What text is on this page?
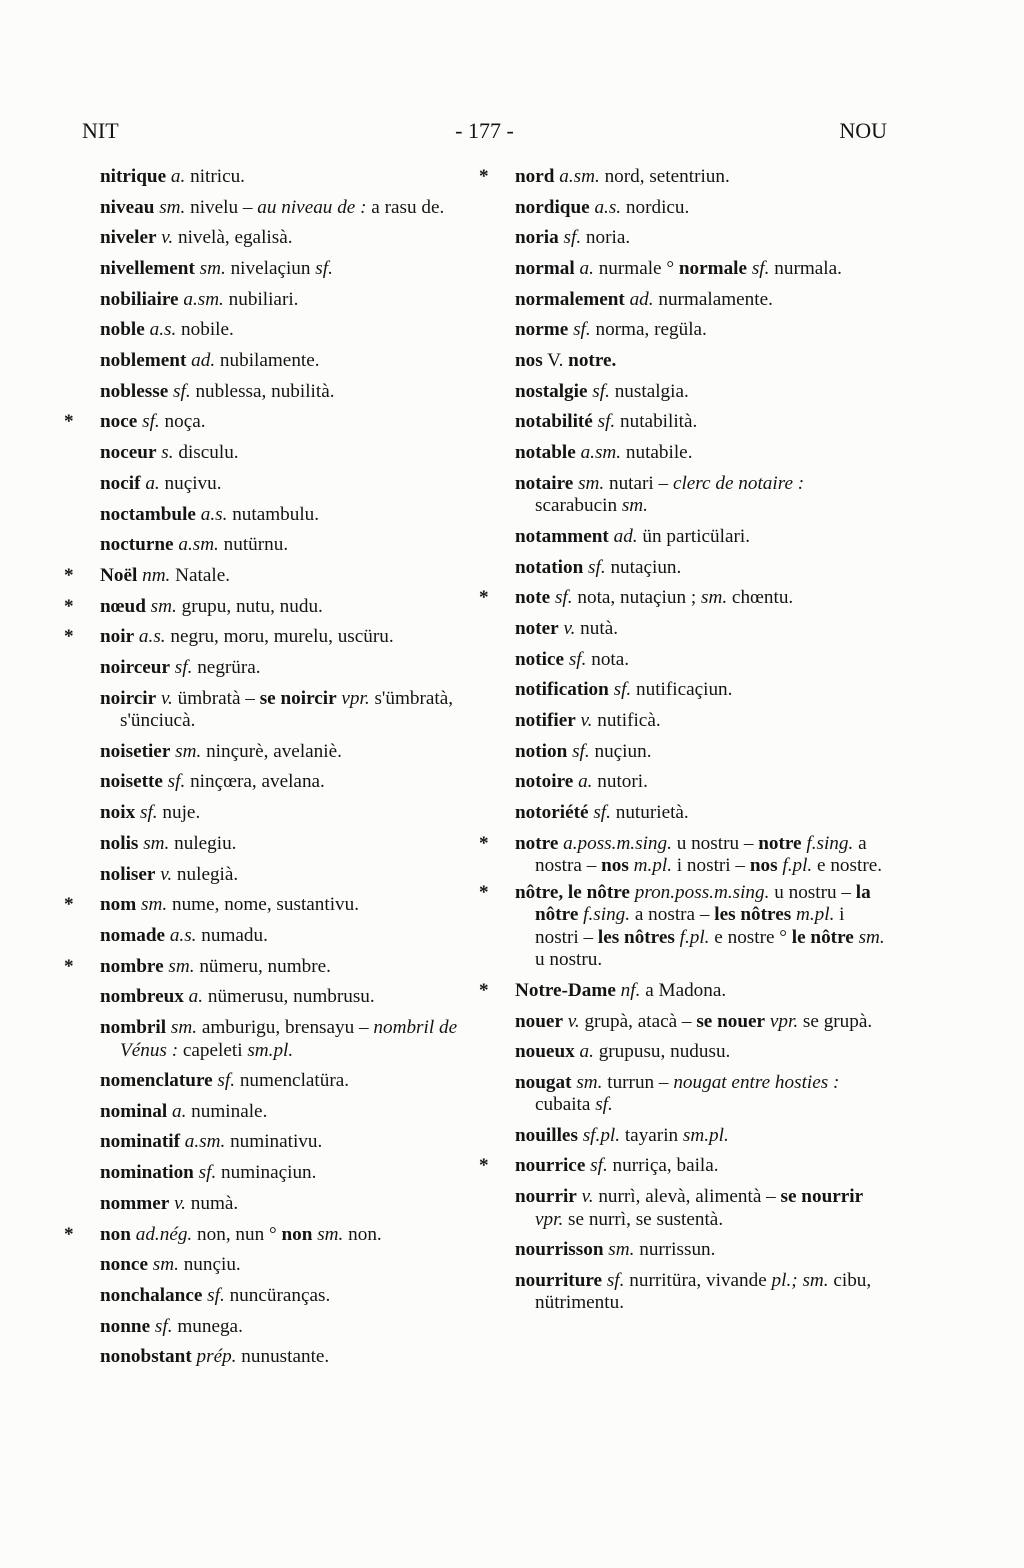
NIT	- 177 -	NOU

nitrique a. nitricu.

niveau sm. nivelu – au niveau de : a rasu de.

niveler v. nivelà, egalisà.

nivellement sm. nivelaçiun sf.

nobiliaire a.sm. nubiliari.

noble a.s. nobile.

noblement ad. nubilamente.

noblesse sf. nublessa, nubilità.

* noce sf. noça.

noceur s. disculu.

nocif a. nuçivu.

noctambule a.s. nutambulu.

nocturne a.sm. nutürnu.

* Noël nm. Natale.

* nœud sm. grupu, nutu, nudu.

* noir a.s. negru, moru, murelu, uscüru.

noirceur sf. negrüra.

noircir v. ümbratà – se noircir vpr. s'ümbratà, s'ünciucà.

noisetier sm. ninçurè, avelaniè.

noisette sf. ninçœra, avelana.

noix sf. nuje.

nolis sm. nulegiu.

noliser v. nulegià.

* nom sm. nume, nome, sustantivu.

nomade a.s. numadu.

* nombre sm. nümeru, numbre.

nombreux a. nümerusu, numbrusu.

nombril sm. amburigu, brensayu – nombril de Vénus : capeleti sm.pl.

nomenclature sf. numenclatüra.

nominal a. numinale.

nominatif a.sm. numinativu.

nomination sf. numinaçiun.

nommer v. numà.

* non ad.nég. non, nun ° non sm. non.

nonce sm. nunçiu.

nonchalance sf. nuncüranças.

nonne sf. munega.

nonobstant prép. nunustante.

* nord a.sm. nord, setentriun.

nordique a.s. nordicu.

noria sf. noria.

normal a. nurmale ° normale sf. nurmala.

normalement ad. nurmalamente.

norme sf. norma, regüla.

nos V. notre.

nostalgie sf. nustalgia.

notabilité sf. nutabilità.

notable a.sm. nutabile.

notaire sm. nutari – clerc de notaire : scarabucin sm.

notamment ad. ün particülari.

notation sf. nutaçiun.

* note sf. nota, nutaçiun ; sm. chœntu.

noter v. nutà.

notice sf. nota.

notification sf. nutificaçiun.

notifier v. nutificà.

notion sf. nuçiun.

notoire a. nutori.

notoriété sf. nuturietà.

* notre a.poss.m.sing. u nostru – notre f.sing. a nostra – nos m.pl. i nostri – nos f.pl. e nostre.

* nôtre, le nôtre pron.poss.m.sing. u nostru – la nôtre f.sing. a nostra – les nôtres m.pl. i nostri – les nôtres f.pl. e nostre ° le nôtre sm. u nostru.

* Notre-Dame nf. a Madona.

nouer v. grupà, atacà – se nouer vpr. se grupà.

noueux a. grupusu, nudusu.

nougat sm. turrun – nougat entre hosties : cubaita sf.

nouilles sf.pl. tayarin sm.pl.

* nourrice sf. nurriça, baila.

nourrir v. nurrì, alevà, alimentà – se nourrir vpr. se nurrì, se sustentà.

nourrisson sm. nurrissun.

nourriture sf. nurritüra, vivande pl.; sm. cibu, nütrimentu.
